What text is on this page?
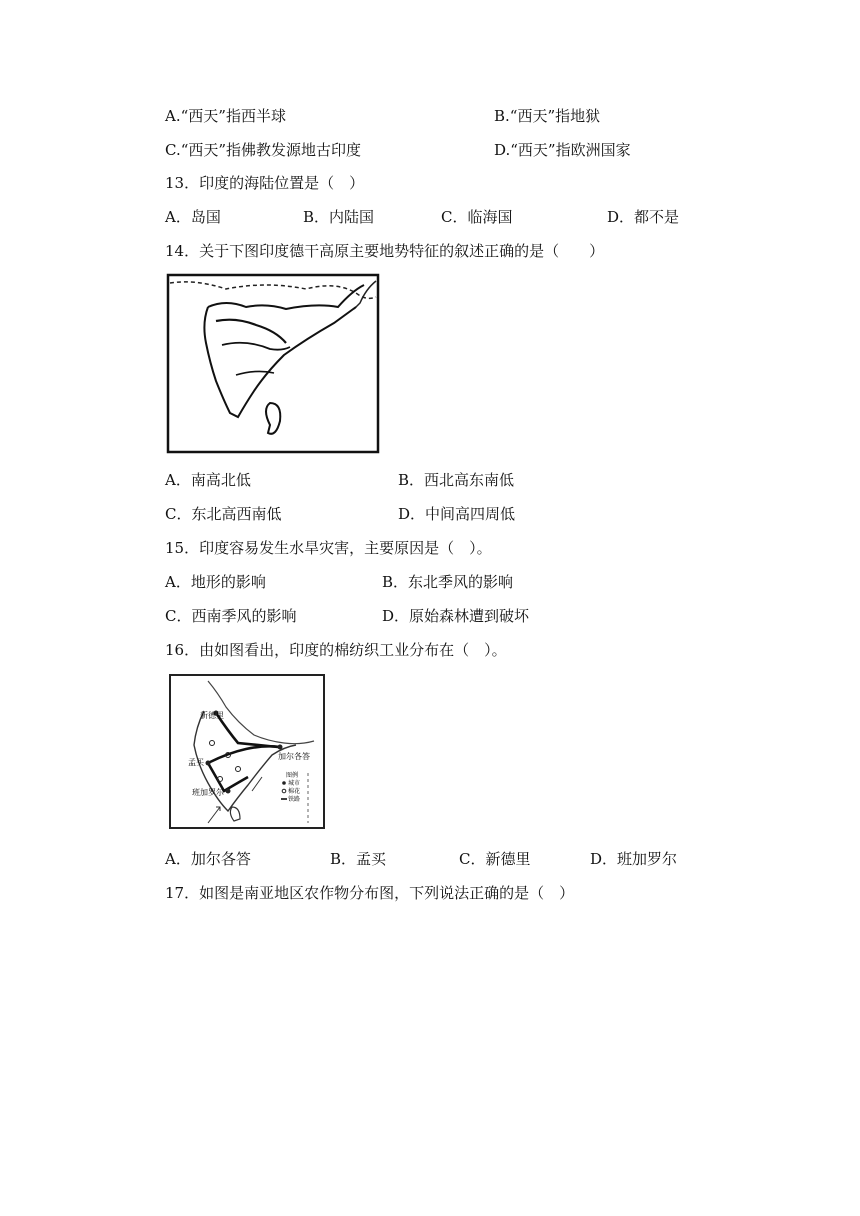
A.“西天”指西半球	B.“西天”指地狱
C.“西天”指佛教发源地古印度	D.“西天”指欧洲国家
13．印度的海陆位置是（　）
A．岛国	B．内陆国	C．临海国	D．都不是
14．关于下图印度德干高原主要地势特征的叙述正确的是（　　）
A．南高北低	B．西北高东南低
C．东北高西南低	D．中间高四周低
15．印度容易发生水旱灾害，主要原因是（　）。
A．地形的影响	B．东北季风的影响
C．西南季风的影响	D．原始森林遭到破坏
16．由如图看出，印度的棉纺织工业分布在（　）。
新德里
孟买
加尔各答
班加罗尔
图例
城市
棉花
铁路
A．加尔各答	B．孟买	C．新德里	D．班加罗尔
17．如图是南亚地区农作物分布图，下列说法正确的是（　）
